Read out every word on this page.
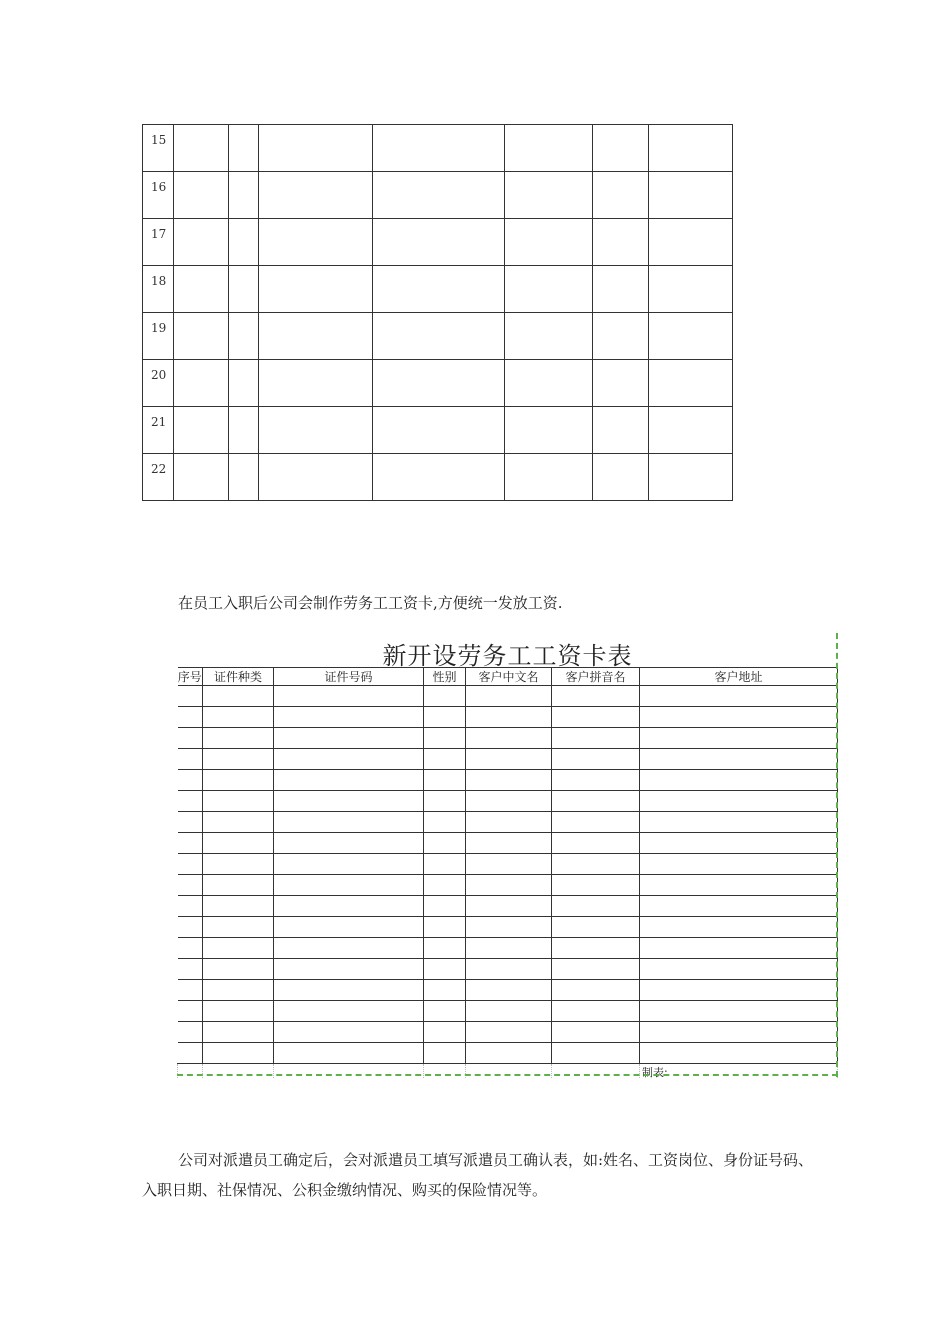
15							
16							
17							
18							
19							
20							
21							
22							

在员工入职后公司会制作劳务工工资卡,方便统一发放工资.

新开设劳务工工资卡表
序号	证件种类	证件号码	性别	客户中文名	客户拼音名	客户地址

						制表:

公司对派遣员工确定后，会对派遣员工填写派遣员工确认表，如:姓名、工资岗位、身份证号码、入职日期、社保情况、公积金缴纳情况、购买的保险情况等。
